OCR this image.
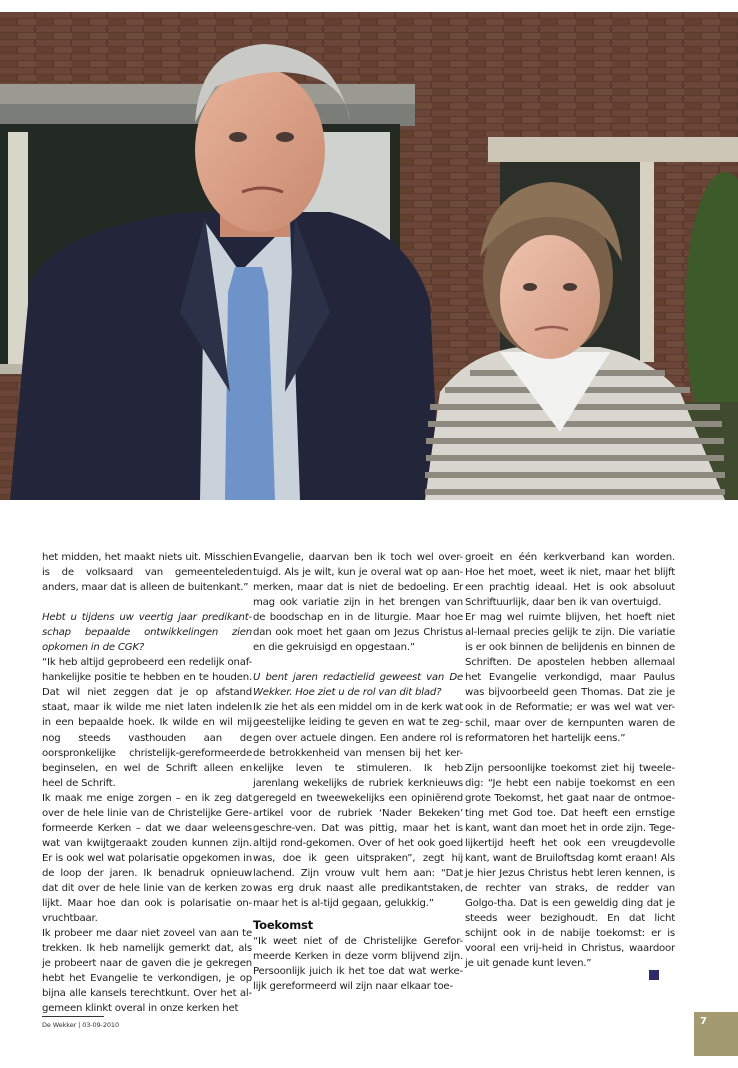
het midden, het maakt niets uit. Misschien is de volksaard van gemeenteleden anders, maar dat is alleen de buitenkant.”

Hebt u tijdens uw veertig jaar predikant-schap bepaalde ontwikkelingen zien opkomen in de CGK?

“Ik heb altijd geprobeerd een redelijk onaf-hankelijke positie te hebben en te houden. Dat wil niet zeggen dat je op afstand staat, maar ik wilde me niet laten indelen in een bepaalde hoek. Ik wilde en wil mij nog steeds vasthouden aan de oorspronkelijke christelijk-gereformeerde beginselen, en wel de Schrift alleen en heel de Schrift.

Ik maak me enige zorgen – en ik zeg dat over de hele linie van de Christelijke Gere-formeerde Kerken – dat we daar weleens wat van kwijtgeraakt zouden kunnen zijn. Er is ook wel wat polarisatie opgekomen in de loop der jaren. Ik benadruk opnieuw dat dit over de hele linie van de kerken zo lijkt. Maar hoe dan ook is polarisatie on-vruchtbaar.

Ik probeer me daar niet zoveel van aan te trekken. Ik heb namelijk gemerkt dat, als je probeert naar de gaven die je gekregen hebt het Evangelie te verkondigen, je op bijna alle kansels terechtkunt. Over het al-gemeen klinkt overal in onze kerken het

Evangelie, daarvan ben ik toch wel over-tuigd. Als je wilt, kun je overal wat op aan-merken, maar dat is niet de bedoeling. Er mag ook variatie zijn in het brengen van de boodschap en in de liturgie. Maar hoe dan ook moet het gaan om Jezus Christus en die gekruisigd en opgestaan.”

U bent jaren redactielid geweest van De Wekker. Hoe ziet u de rol van dit blad?

Ik zie het als een middel om in de kerk wat geestelijke leiding te geven en wat te zeg-gen over actuele dingen. Een andere rol is de betrokkenheid van mensen bij het ker-kelijke leven te stimuleren. Ik heb jarenlang wekelijks de rubriek kerknieuws geregeld en tweewekelijks een opiniërend artikel voor de rubriek ‘Nader Bekeken’ geschre-ven. Dat was pittig, maar het is altijd rond-gekomen. Over of het ook goed was, doe ik geen uitspraken”, zegt hij lachend. Zijn vrouw vult hem aan: “Dat was erg druk naast alle predikantstaken, maar het is al-tijd gegaan, gelukkig.”

Toekomst

“Ik weet niet of de Christelijke Gerefor-meerde Kerken in deze vorm blijvend zijn. Persoonlijk juich ik het toe dat wat werke-lijk gereformeerd wil zijn naar elkaar toe-

groeit en één kerkverband kan worden. Hoe het moet, weet ik niet, maar het blijft een prachtig ideaal. Het is ook absoluut Schriftuurlijk, daar ben ik van overtuigd.

Er mag wel ruimte blijven, het hoeft niet al-lemaal precies gelijk te zijn. Die variatie is er ook binnen de belijdenis en binnen de Schriften. De apostelen hebben allemaal het Evangelie verkondigd, maar Paulus was bijvoorbeeld geen Thomas. Dat zie je ook in de Reformatie; er was wel wat ver-schil, maar over de kernpunten waren de reformatoren het hartelijk eens.”

Zijn persoonlijke toekomst ziet hij tweele-dig: “Je hebt een nabije toekomst en een grote Toekomst, het gaat naar de ontmoe-ting met God toe. Dat heeft een ernstige kant, want dan moet het in orde zijn. Tege-lijkertijd heeft het ook een vreugdevolle kant, want de Bruiloftsdag komt eraan! Als je hier Jezus Christus hebt leren kennen, is de rechter van straks, de redder van Golgo-tha. Dat is een geweldig ding dat je steeds weer bezighoudt. En dat licht schijnt ook in de nabije toekomst: er is vooral een vrij-heid in Christus, waardoor je uit genade kunt leven.”

De Wekker | 03-09-2010	7
